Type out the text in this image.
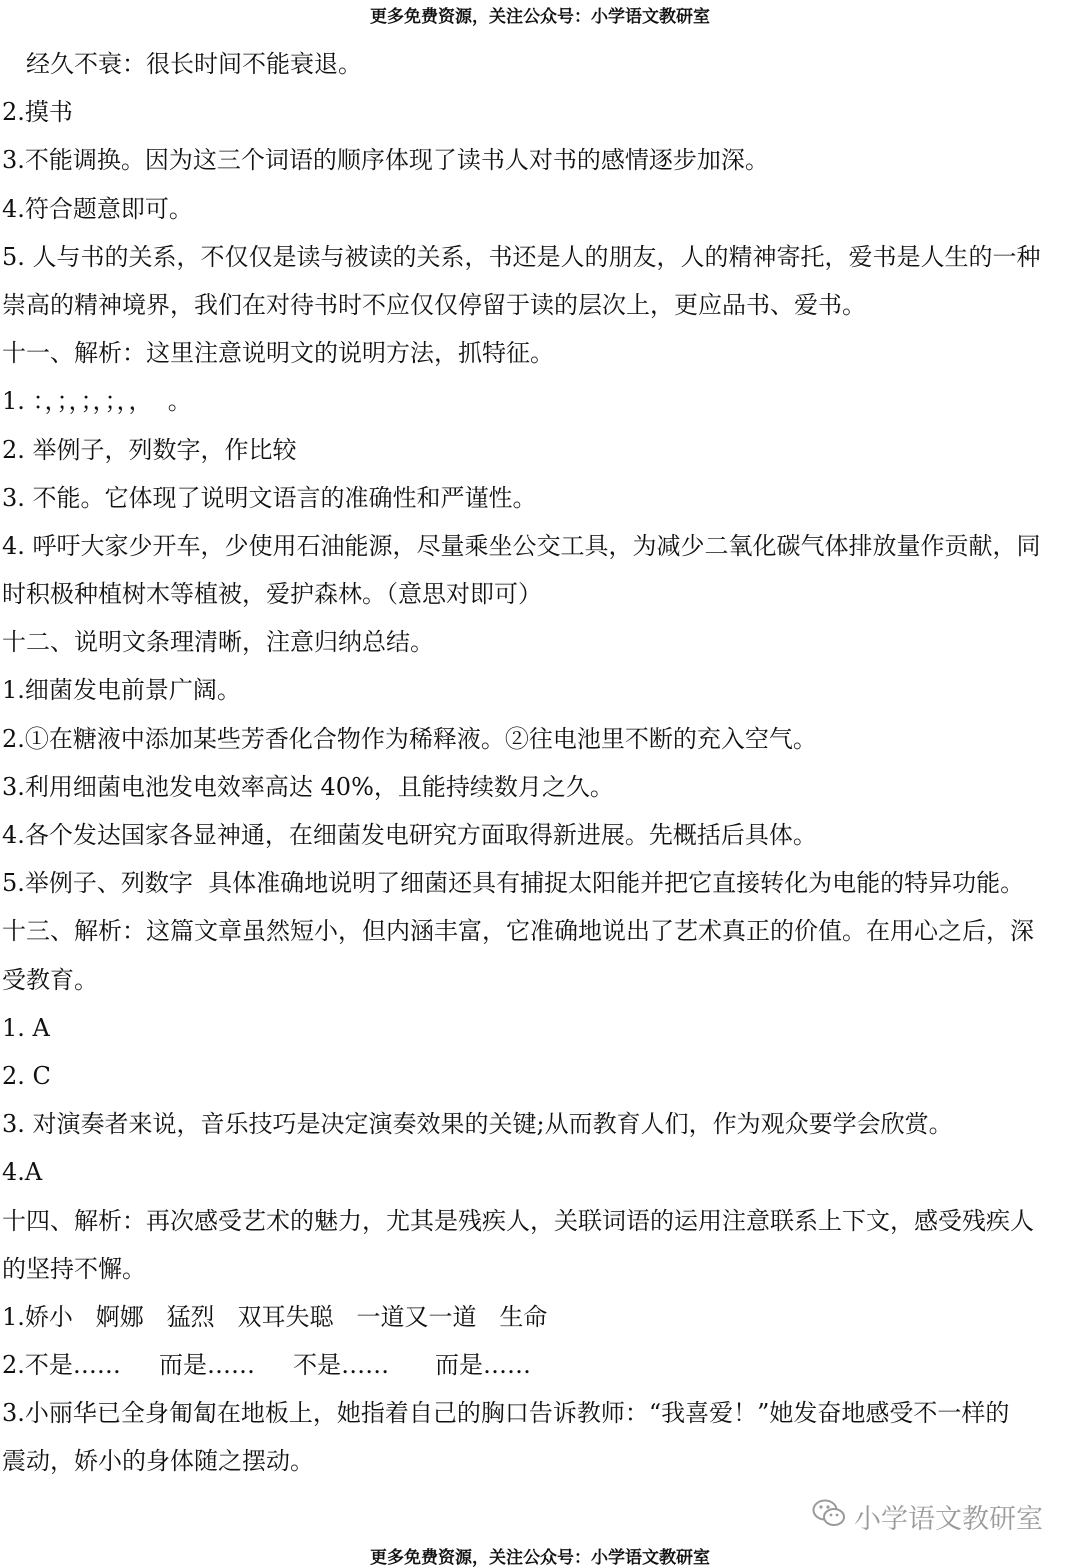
更多免费资源，关注公众号：小学语文教研室
经久不衰：很长时间不能衰退。
2.摸书
3.不能调换。因为这三个词语的顺序体现了读书人对书的感情逐步加深。
4.符合题意即可。
5. 人与书的关系，不仅仅是读与被读的关系，书还是人的朋友，人的精神寄托，爱书是人生的一种
崇高的精神境界，我们在对待书时不应仅仅停留于读的层次上，更应品书、爱书。
十一、解析：这里注意说明文的说明方法，抓特征。
1. ：，；，；，；，，  。
2. 举例子，列数字，作比较
3. 不能。它体现了说明文语言的准确性和严谨性。
4. 呼吁大家少开车，少使用石油能源，尽量乘坐公交工具，为减少二氧化碳气体排放量作贡献，同
时积极种植树木等植被，爱护森林。（意思对即可）
十二、说明文条理清晰，注意归纳总结。
1.细菌发电前景广阔。
2.①在糖液中添加某些芳香化合物作为稀释液。②往电池里不断的充入空气。
3.利用细菌电池发电效率高达 40%，且能持续数月之久。
4.各个发达国家各显神通，在细菌发电研究方面取得新进展。先概括后具体。
5.举例子、列数字  具体准确地说明了细菌还具有捕捉太阳能并把它直接转化为电能的特异功能。
十三、解析：这篇文章虽然短小，但内涵丰富，它准确地说出了艺术真正的价值。在用心之后，深
受教育。
1. A
2. C
3. 对演奏者来说，音乐技巧是决定演奏效果的关键;从而教育人们，作为观众要学会欣赏。
4.A
十四、解析：再次感受艺术的魅力，尤其是残疾人，关联词语的运用注意联系上下文，感受残疾人
的坚持不懈。
1.娇小   婀娜   猛烈   双耳失聪   一道又一道   生命
2.不是……     而是……     不是……      而是……
3.小丽华已全身匍匐在地板上，她指着自己的胸口告诉教师：“我喜爱！”她发奋地感受不一样的
震动，娇小的身体随之摆动。
小学语文教研室
更多免费资源，关注公众号：小学语文教研室
